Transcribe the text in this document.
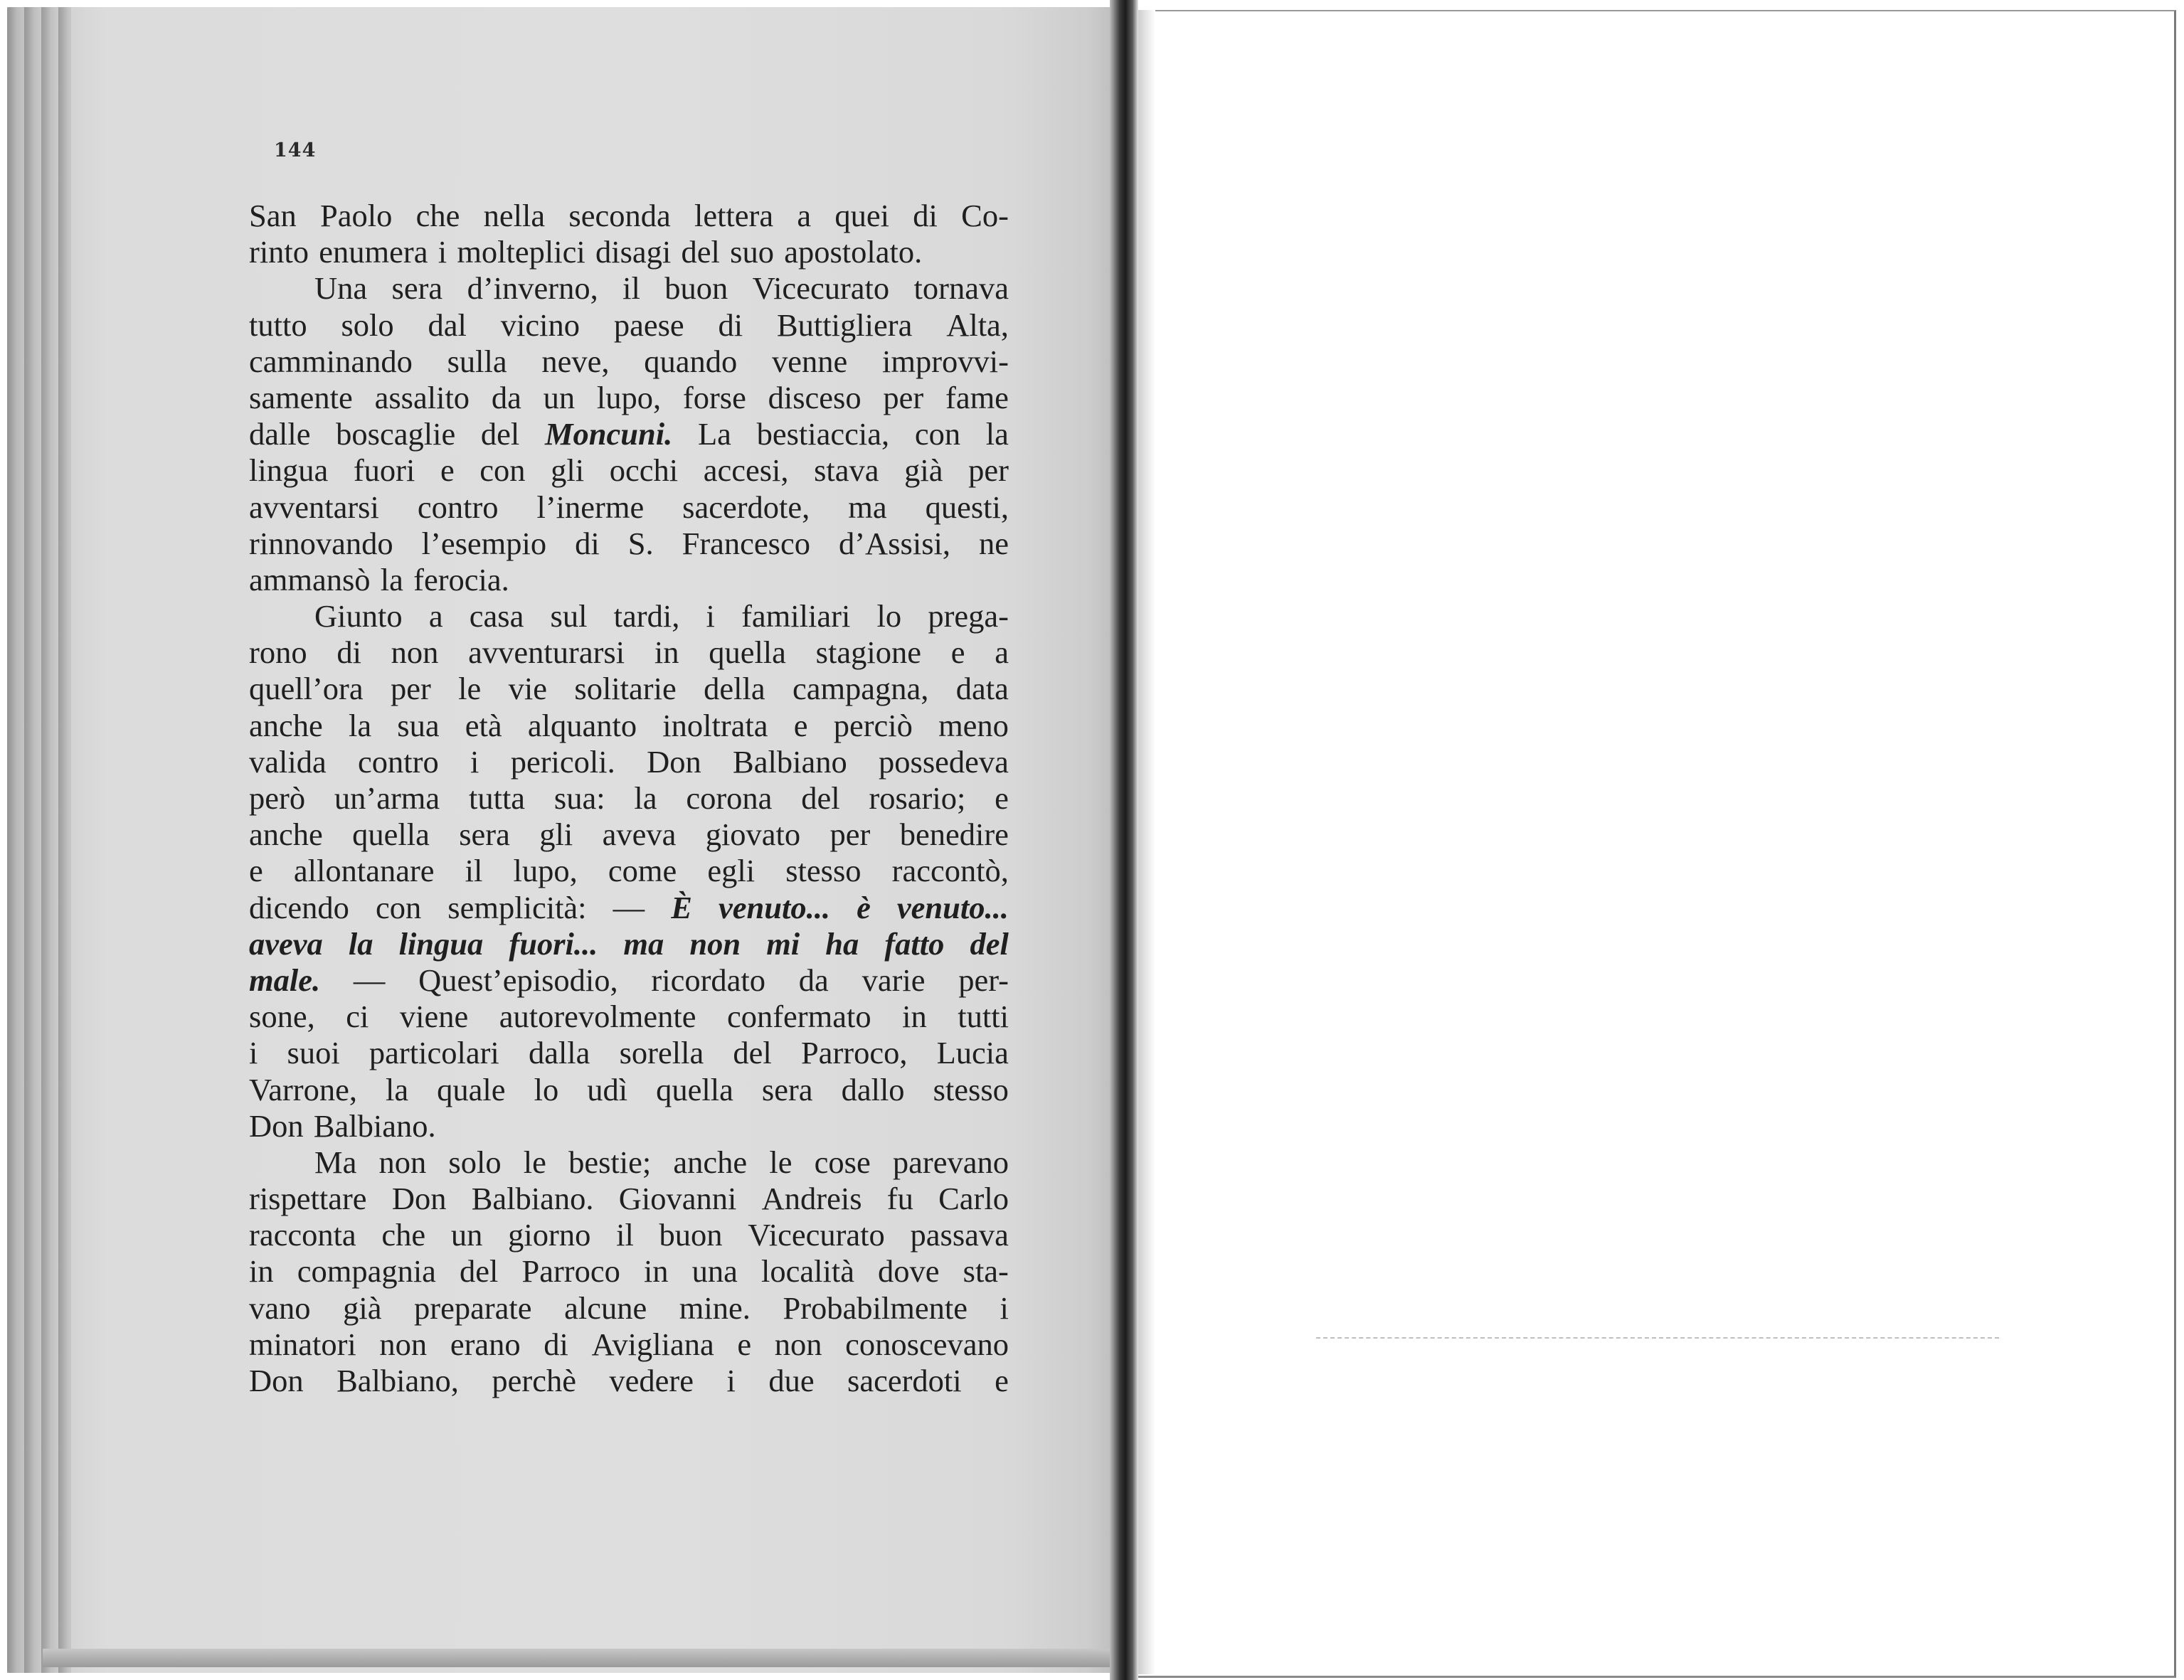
144
San Paolo che nella seconda lettera a quei di Co-
rinto enumera i molteplici disagi del suo apostolato.
Una sera d’inverno, il buon Vicecurato tornava
tutto solo dal vicino paese di Buttigliera Alta,
camminando sulla neve, quando venne improvvi-
samente assalito da un lupo, forse disceso per fame
dalle boscaglie del Moncuni. La bestiaccia, con la
lingua fuori e con gli occhi accesi, stava già per
avventarsi contro l’inerme sacerdote, ma questi,
rinnovando l’esempio di S. Francesco d’Assisi, ne
ammansò la ferocia.
Giunto a casa sul tardi, i familiari lo prega-
rono di non avventurarsi in quella stagione e a
quell’ora per le vie solitarie della campagna, data
anche la sua età alquanto inoltrata e perciò meno
valida contro i pericoli. Don Balbiano possedeva
però un’arma tutta sua: la corona del rosario; e
anche quella sera gli aveva giovato per benedire
e allontanare il lupo, come egli stesso raccontò,
dicendo con semplicità: — È venuto... è venuto...
aveva la lingua fuori... ma non mi ha fatto del
male. — Quest’episodio, ricordato da varie per-
sone, ci viene autorevolmente confermato in tutti
i suoi particolari dalla sorella del Parroco, Lucia
Varrone, la quale lo udì quella sera dallo stesso
Don Balbiano.
Ma non solo le bestie; anche le cose parevano
rispettare Don Balbiano. Giovanni Andreis fu Carlo
racconta che un giorno il buon Vicecurato passava
in compagnia del Parroco in una località dove sta-
vano già preparate alcune mine. Probabilmente i
minatori non erano di Avigliana e non conoscevano
Don Balbiano, perchè vedere i due sacerdoti e
